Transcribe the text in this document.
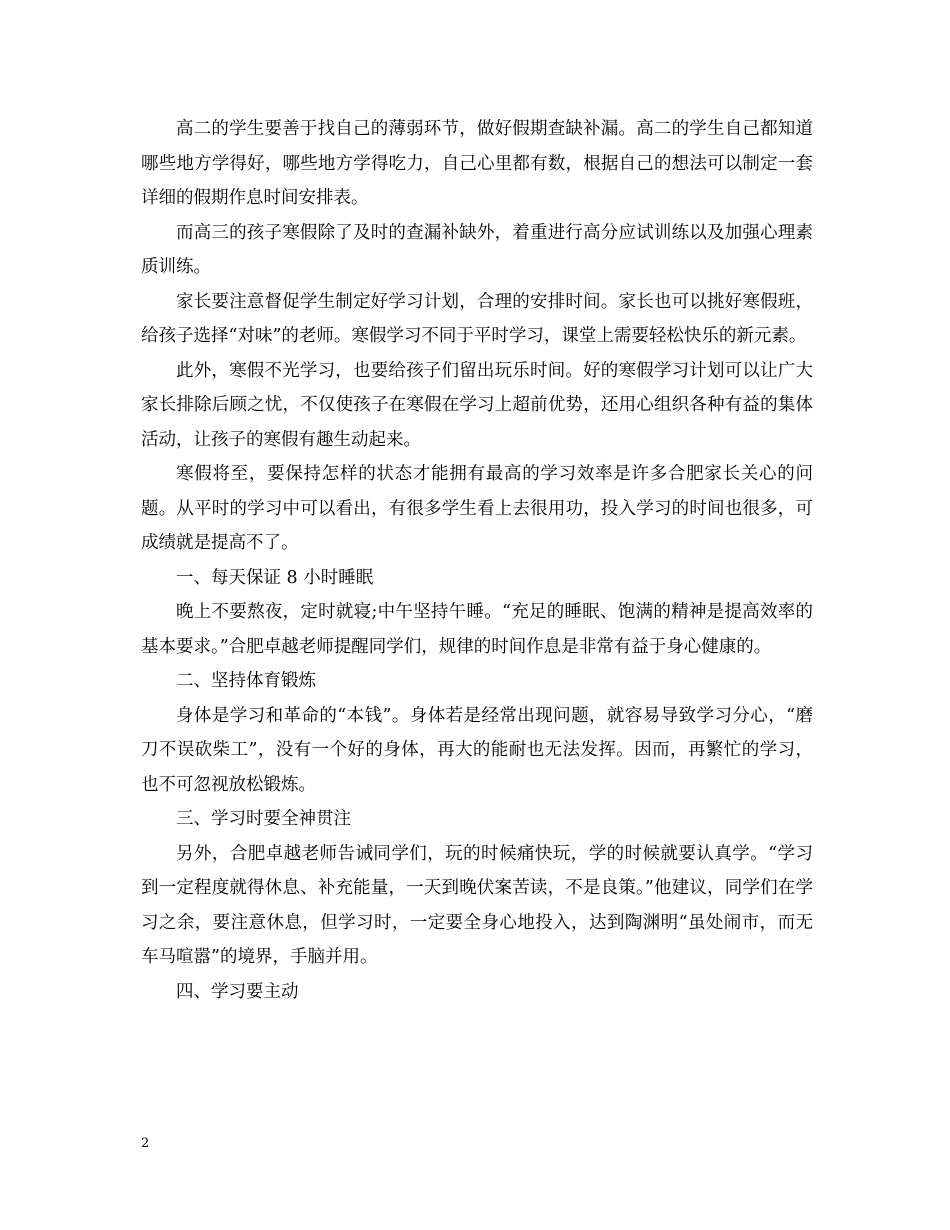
高二的学生要善于找自己的薄弱环节，做好假期查缺补漏。高二的学生自己都知道哪些地方学得好，哪些地方学得吃力，自己心里都有数，根据自己的想法可以制定一套详细的假期作息时间安排表。

而高三的孩子寒假除了及时的查漏补缺外，着重进行高分应试训练以及加强心理素质训练。

家长要注意督促学生制定好学习计划，合理的安排时间。家长也可以挑好寒假班，给孩子选择“对味”的老师。寒假学习不同于平时学习，课堂上需要轻松快乐的新元素。

此外，寒假不光学习，也要给孩子们留出玩乐时间。好的寒假学习计划可以让广大家长排除后顾之忧，不仅使孩子在寒假在学习上超前优势，还用心组织各种有益的集体活动，让孩子的寒假有趣生动起来。

寒假将至，要保持怎样的状态才能拥有最高的学习效率是许多合肥家长关心的问题。从平时的学习中可以看出，有很多学生看上去很用功，投入学习的时间也很多，可成绩就是提高不了。

一、每天保证 8 小时睡眠

晚上不要熬夜，定时就寝;中午坚持午睡。“充足的睡眠、饱满的精神是提高效率的基本要求。”合肥卓越老师提醒同学们，规律的时间作息是非常有益于身心健康的。

二、坚持体育锻炼

身体是学习和革命的“本钱”。身体若是经常出现问题，就容易导致学习分心，“磨刀不误砍柴工”，没有一个好的身体，再大的能耐也无法发挥。因而，再繁忙的学习，也不可忽视放松锻炼。

三、学习时要全神贯注

另外，合肥卓越老师告诫同学们，玩的时候痛快玩，学的时候就要认真学。“学习到一定程度就得休息、补充能量，一天到晚伏案苦读，不是良策。”他建议，同学们在学习之余，要注意休息，但学习时，一定要全身心地投入，达到陶渊明“虽处闹市，而无车马喧嚣”的境界，手脑并用。

四、学习要主动

2
